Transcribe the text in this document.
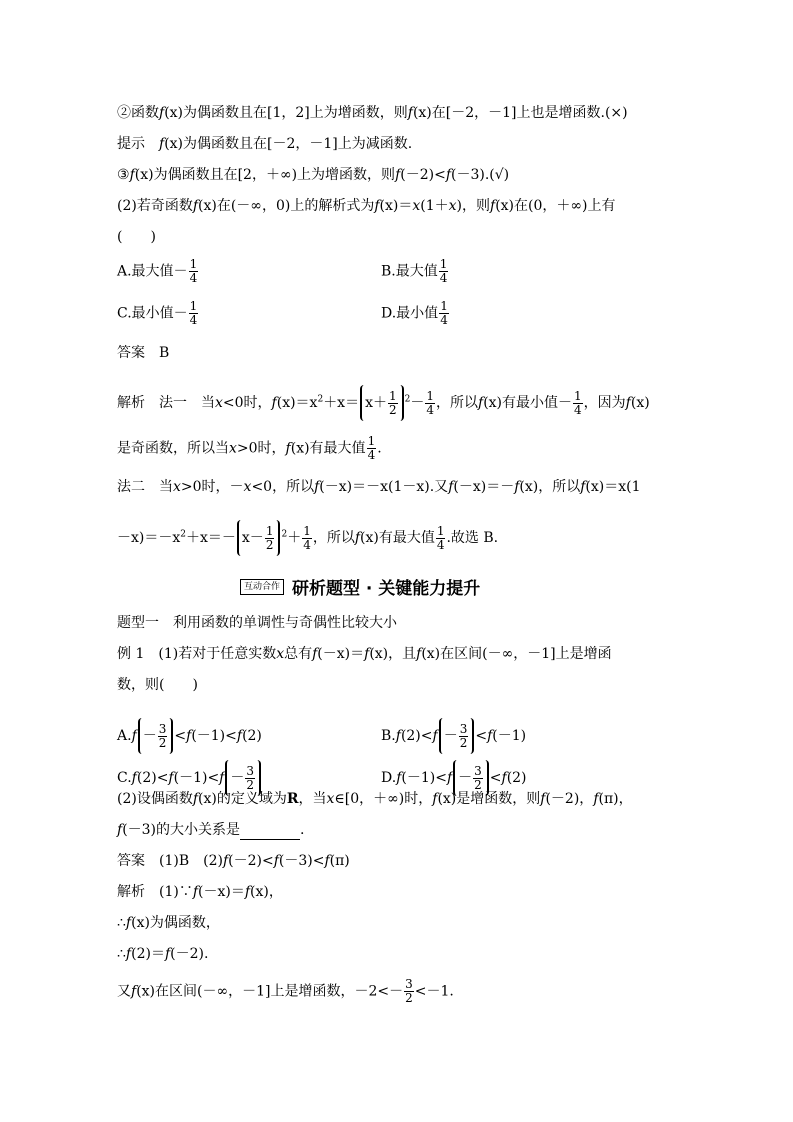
②函数f(x)为偶函数且在[1，2]上为增函数，则f(x)在[－2，－1]上也是增函数.(×)
提示　f(x)为偶函数且在[－2，－1]上为减函数.
③f(x)为偶函数且在[2，＋∞)上为增函数，则f(－2)<f(－3).(√)
(2)若奇函数f(x)在(－∞，0)上的解析式为f(x)＝x(1＋x)，则f(x)在(0，＋∞)上有
(　　)
A.最大值－ $\frac{1}{4}$	B.最大值 $\frac{1}{4}$
C.最小值－ $\frac{1}{4}$	D.最小值 $\frac{1}{4}$
答案　B
解析　法一　当x<0时，$f(x)=x^2+x= x+ \frac{1}{2} ^2- \frac{1}{4}$ ，所以f(x)有最小值－ $\frac{1}{4}$ ，因为f(x)
是奇函数，所以当x>0时，f(x)有最大值 $\frac{1}{4}$ .
法二　当x>0时，－x<0，所以f(－x)＝－x(1－x).又f(－x)＝－f(x)，所以f(x)＝x(1
$-x)=-x^2+x=- x- \frac{1}{2} ^2+ \frac{1}{4}$ ，所以f(x)有最大值 $\frac{1}{4}$ .故选 B.
互动合作 研析题型 · 关键能力提升
题型一　利用函数的单调性与奇偶性比较大小
例 1　(1)若对于任意实数x总有f(－x)＝f(x)，且f(x)在区间(－∞，－1]上是增函
数，则(　　)
$A.f - \frac{3}{2} <f(-1)<f(2)$	$B.f(2)<f - \frac{3}{2} <f(-1)$
$C.f(2)<f(-1)<f - \frac{3}{2}$	$D.f(-1)<f - \frac{3}{2} <f(2)$
(2)设偶函数f(x)的定义域为R，当x∈[0，＋∞)时，f(x)是增函数，则f(－2)，f(π)，
f(－3)的大小关系是	.
答案　(1)B　(2)f(－2)<f(－3)<f(π)
解析　(1)∵f(－x)＝f(x)，
∴f(x)为偶函数，
∴f(2)＝f(－2).
又f(x)在区间(－∞，－1]上是增函数，$-2<- \frac{3}{2} <-1$.
